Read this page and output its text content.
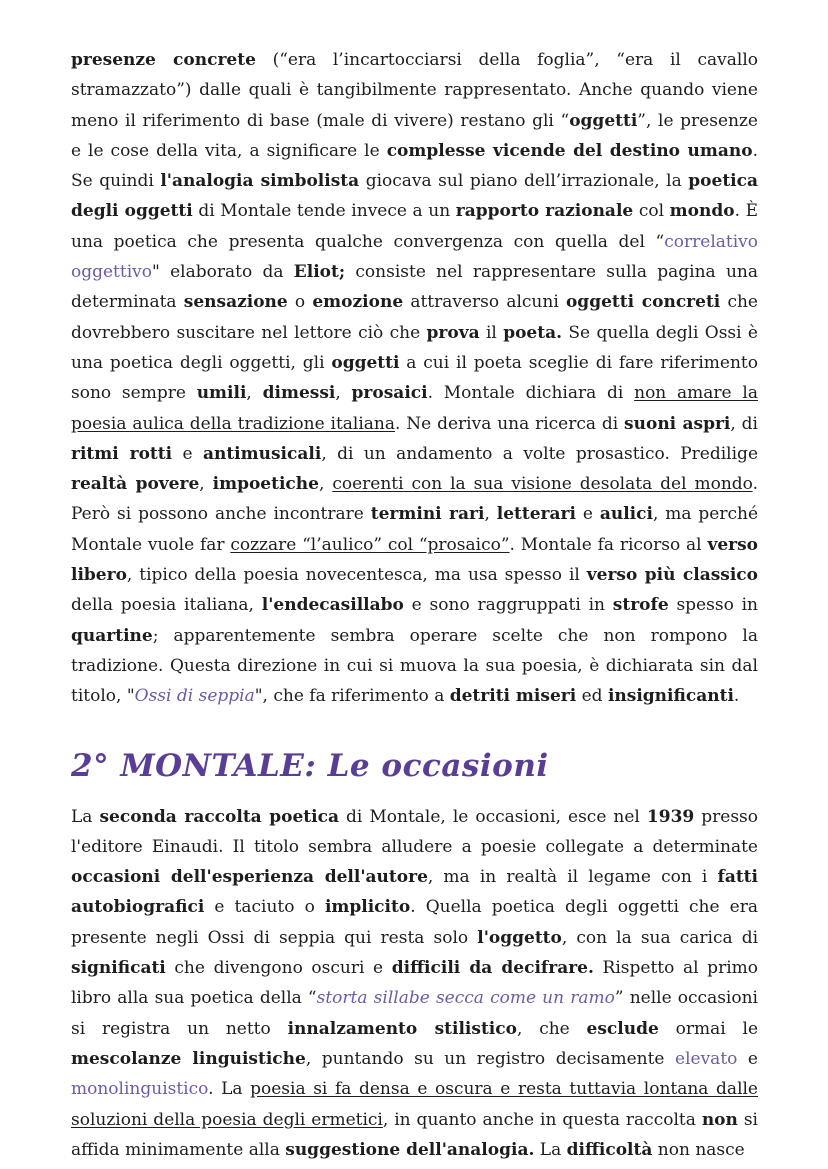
presenze concrete (“era l’incartocciarsi della foglia”, “era il cavallo stramazzato”) dalle quali è tangibilmente rappresentato. Anche quando viene meno il riferimento di base (male di vivere) restano gli “oggetti”, le presenze e le cose della vita, a significare le complesse vicende del destino umano. Se quindi l'analogia simbolista giocava sul piano dell’irrazionale, la poetica degli oggetti di Montale tende invece a un rapporto razionale col mondo. È una poetica che presenta qualche convergenza con quella del “correlativo oggettivo" elaborato da Eliot; consiste nel rappresentare sulla pagina una determinata sensazione o emozione attraverso alcuni oggetti concreti che dovrebbero suscitare nel lettore ciò che prova il poeta. Se quella degli Ossi è una poetica degli oggetti, gli oggetti a cui il poeta sceglie di fare riferimento sono sempre umili, dimessi, prosaici. Montale dichiara di non amare la poesia aulica della tradizione italiana. Ne deriva una ricerca di suoni aspri, di ritmi rotti e antimusicali, di un andamento a volte prosastico. Predilige realtà povere, impoetiche, coerenti con la sua visione desolata del mondo. Però si possono anche incontrare termini rari, letterari e aulici, ma perché Montale vuole far cozzare “l’aulico” col “prosaico”. Montale fa ricorso al verso libero, tipico della poesia novecentesca, ma usa spesso il verso più classico della poesia italiana, l'endecasillabo e sono raggruppati in strofe spesso in quartine; apparentemente sembra operare scelte che non rompono la tradizione. Questa direzione in cui si muova la sua poesia, è dichiarata sin dal titolo, "Ossi di seppia", che fa riferimento a detriti miseri ed insignificanti.

2° MONTALE: Le occasioni

La seconda raccolta poetica di Montale, le occasioni, esce nel 1939 presso l'editore Einaudi. Il titolo sembra alludere a poesie collegate a determinate occasioni dell'esperienza dell'autore, ma in realtà il legame con i fatti autobiografici e taciuto o implicito. Quella poetica degli oggetti che era presente negli Ossi di seppia qui resta solo l'oggetto, con la sua carica di significati che divengono oscuri e difficili da decifrare. Rispetto al primo libro alla sua poetica della “storta sillabe secca come un ramo” nelle occasioni si registra un netto innalzamento stilistico, che esclude ormai le mescolanze linguistiche, puntando su un registro decisamente elevato e monolinguistico. La poesia si fa densa e oscura e resta tuttavia lontana dalle soluzioni della poesia degli ermetici, in quanto anche in questa raccolta non si affida minimamente alla suggestione dell'analogia. La difficoltà non nasce
